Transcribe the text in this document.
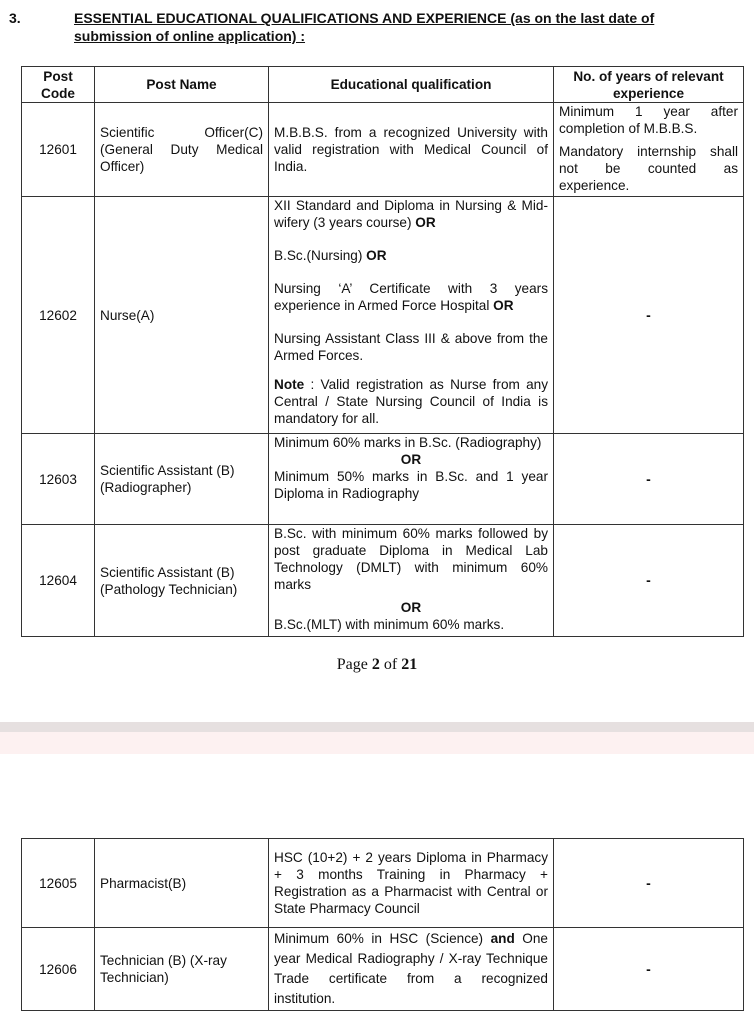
3.	ESSENTIAL EDUCATIONAL QUALIFICATIONS AND EXPERIENCE (as on the last date of
submission of online application) :
Post Code	Post Name	Educational qualification	No. of years of relevant experience
12601	Scientific Officer(C) (General Duty Medical Officer)	M.B.B.S. from a recognized University with valid registration with Medical Council of India.	Minimum 1 year after completion of M.B.B.S.

Mandatory internship shall not be counted as experience.

12602	Nurse(A)	XII Standard and Diploma in Nursing & Mid-wifery (3 years course) OR

B.Sc.(Nursing) OR

Nursing ‘A’ Certificate with 3 years experience in Armed Force Hospital OR

Nursing Assistant Class III & above from the Armed Forces.

Note : Valid registration as Nurse from any Central / State Nursing Council of India is mandatory for all.	-
12603	Scientific Assistant (B) (Radiographer)	Minimum 60% marks in B.Sc. (Radiography)

OR

Minimum 50% marks in B.Sc. and 1 year Diploma in Radiography	-
12604	Scientific Assistant (B) (Pathology Technician)	B.Sc. with minimum 60% marks followed by post graduate Diploma in Medical Lab Technology (DMLT) with minimum 60% marks

OR

B.Sc.(MLT) with minimum 60% marks.	-
Page 2 of 21
12605	Pharmacist(B)	HSC (10+2) + 2 years Diploma in Pharmacy + 3 months Training in Pharmacy + Registration as a Pharmacist with Central or State Pharmacy Council	-
12606	Technician (B) (X-ray Technician)	Minimum 60% in HSC (Science) and One year Medical Radiography / X-ray Technique Trade certificate from a recognized institution.	-
